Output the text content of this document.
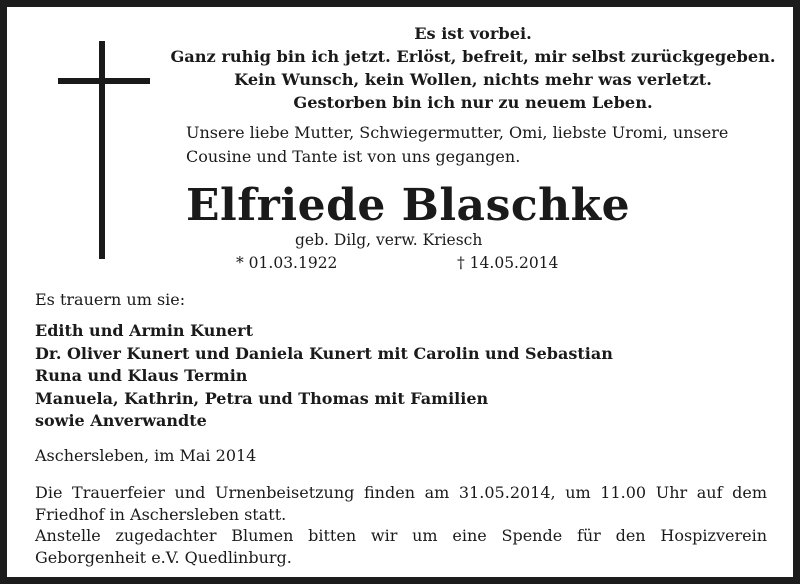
Es ist vorbei.
Ganz ruhig bin ich jetzt. Erlöst, befreit, mir selbst zurückgegeben.
Kein Wunsch, kein Wollen, nichts mehr was verletzt.
Gestorben bin ich nur zu neuem Leben.
Unsere liebe Mutter, Schwiegermutter, Omi, liebste Uromi, unsere
Cousine und Tante ist von uns gegangen.
Elfriede Blaschke
geb. Dilg, verw. Kriesch
* 01.03.1922	† 14.05.2014
Es trauern um sie:
Edith und Armin Kunert
Dr. Oliver Kunert und Daniela Kunert mit Carolin und Sebastian
Runa und Klaus Termin
Manuela, Kathrin, Petra und Thomas mit Familien
sowie Anverwandte
Aschersleben, im Mai 2014
Die Trauerfeier und Urnenbeisetzung finden am 31.05.2014, um 11.00 Uhr auf dem
Friedhof in Aschersleben statt.
Anstelle zugedachter Blumen bitten wir um eine Spende für den Hospizverein
Geborgenheit e.V. Quedlinburg.
